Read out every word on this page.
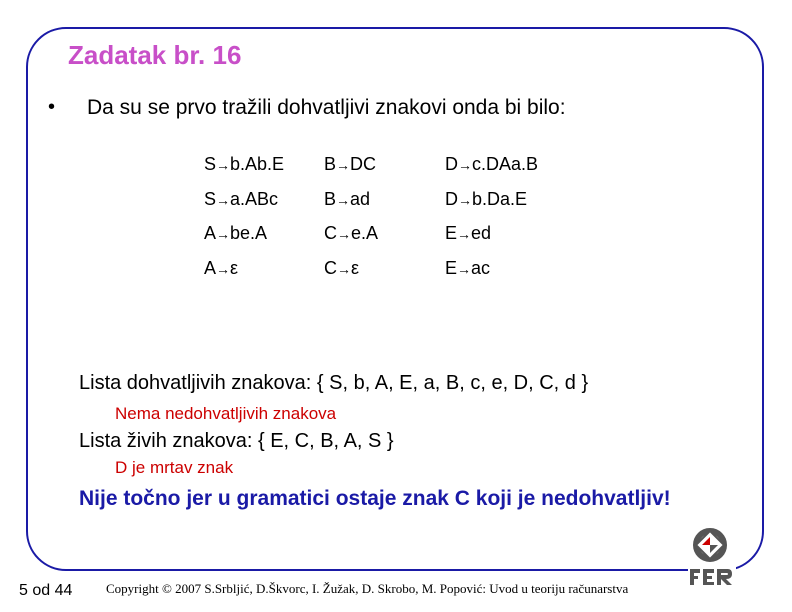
Zadatak br. 16
• Da su se prvo tražili dohvatljivi znakovi onda bi bilo:
S→b.Ab.E	B→DC	D→c.DAa.B
S→a.ABc	B→ad	D→b.Da.E
A→be.A	C→e.A	E→ed
A→ε	C→ε	E→ac
Lista dohvatljivih znakova: { S, b, A, E, a, B, c, e, D, C, d }
Nema nedohvatljivih znakova
Lista živih znakova: { E, C, B, A, S }
D je mrtav znak
Nije točno jer u gramatici ostaje znak C koji je nedohvatljiv!
5 od 44	Copyright © 2007 S.Srbljić, D.Škvorc, I. Žužak, D. Skrobo, M. Popović: Uvod u teoriju računarstva
